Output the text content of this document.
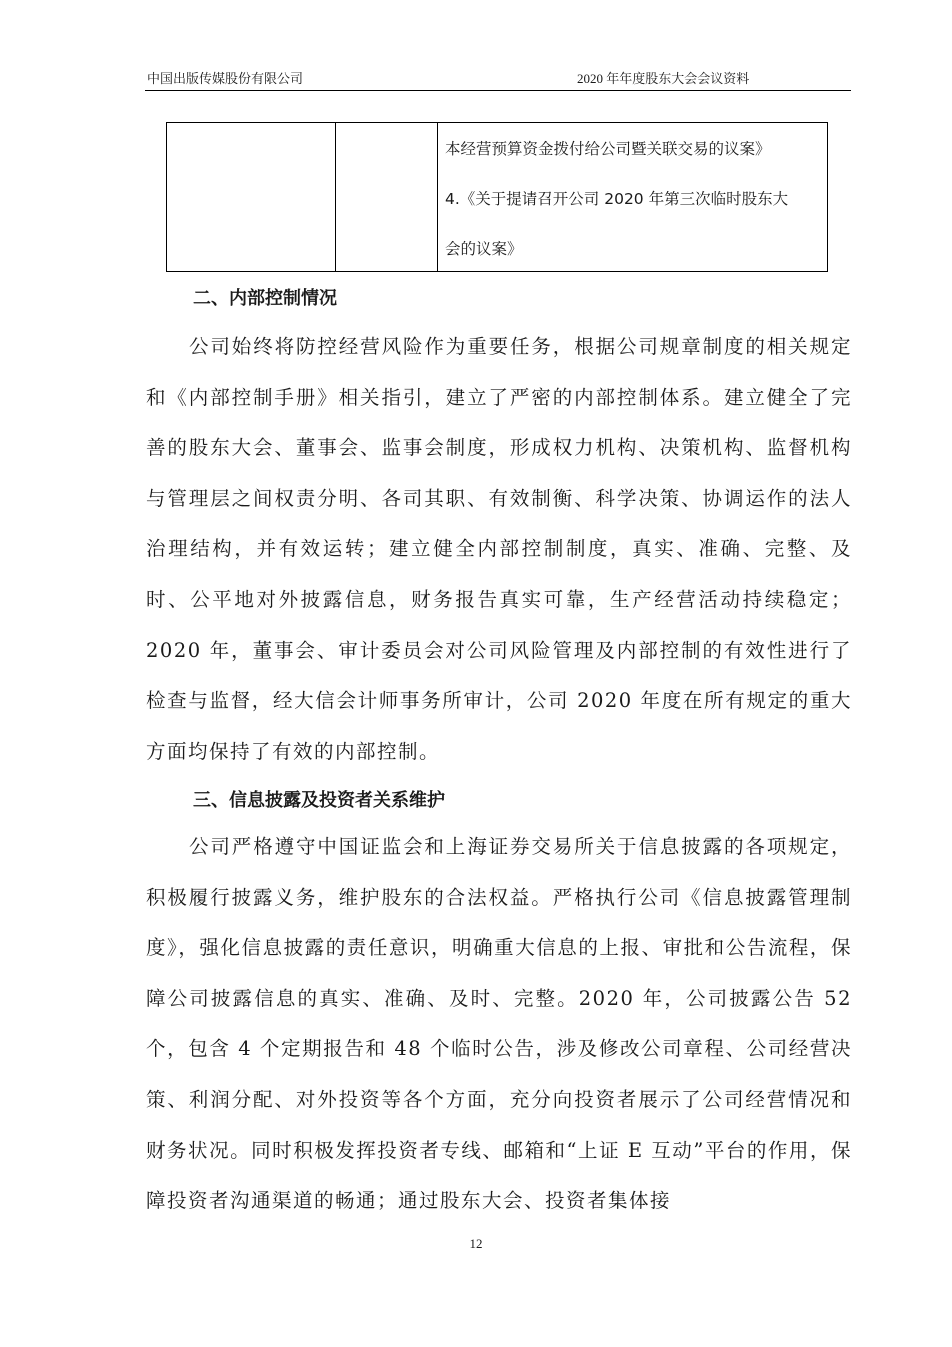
中国出版传媒股份有限公司	2020 年年度股东大会会议资料
本经营预算资金拨付给公司暨关联交易的议案》
4.《关于提请召开公司 2020 年第三次临时股东大
会的议案》
二、内部控制情况
公司始终将防控经营风险作为重要任务，根据公司规章制度的相关规定和《内部控制手册》相关指引，建立了严密的内部控制体系。建立健全了完善的股东大会、董事会、监事会制度，形成权力机构、决策机构、监督机构与管理层之间权责分明、各司其职、有效制衡、科学决策、协调运作的法人治理结构，并有效运转；建立健全内部控制制度，真实、准确、完整、及时、公平地对外披露信息，财务报告真实可靠，生产经营活动持续稳定；2020 年，董事会、审计委员会对公司风险管理及内部控制的有效性进行了检查与监督，经大信会计师事务所审计，公司 2020 年度在所有规定的重大方面均保持了有效的内部控制。
三、信息披露及投资者关系维护
公司严格遵守中国证监会和上海证券交易所关于信息披露的各项规定，积极履行披露义务，维护股东的合法权益。严格执行公司《信息披露管理制度》，强化信息披露的责任意识，明确重大信息的上报、审批和公告流程，保障公司披露信息的真实、准确、及时、完整。2020 年，公司披露公告 52 个，包含 4 个定期报告和 48 个临时公告，涉及修改公司章程、公司经营决策、利润分配、对外投资等各个方面，充分向投资者展示了公司经营情况和财务状况。同时积极发挥投资者专线、邮箱和“上证 E 互动”平台的作用，保障投资者沟通渠道的畅通；通过股东大会、投资者集体接
12
